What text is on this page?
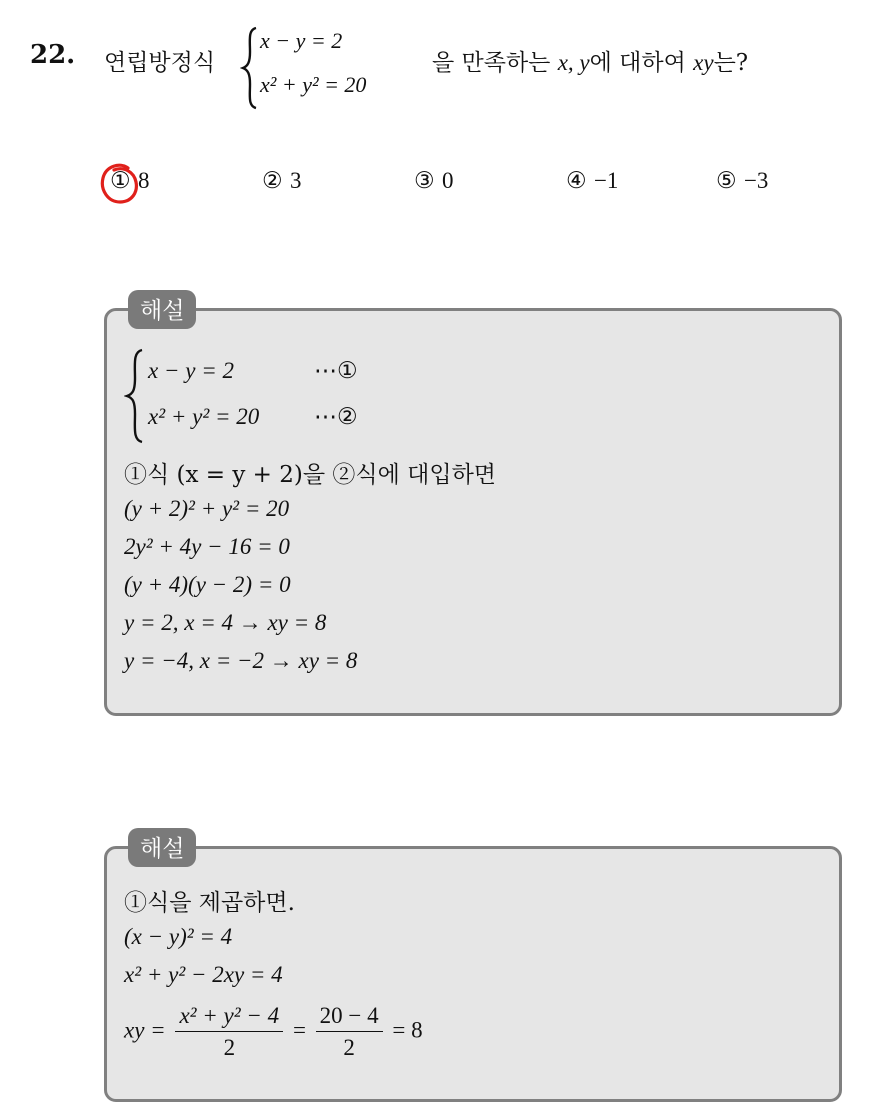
22. 연립방정식
x − y = 2
x² + y² = 20
을 만족하는 x, y에 대하여 xy는?
① 8	② 3	③ 0	④ −1	⑤ −3
해설
x − y = 2	⋯①
x² + y² = 20 ⋯②
①식 (x = y + 2)을 ②식에 대입하면
(y + 2)² + y² = 20
2y² + 4y − 16 = 0
(y + 4)(y − 2) = 0
y = 2, x = 4 → xy = 8
y = −4, x = −2 → xy = 8
해설
①식을 제곱하면.
(x − y)² = 4
x² + y² − 2xy = 4
xy = $\frac{\text{x² + y² − 4}}{2} = \frac{20 - 4}{2} = 8$
